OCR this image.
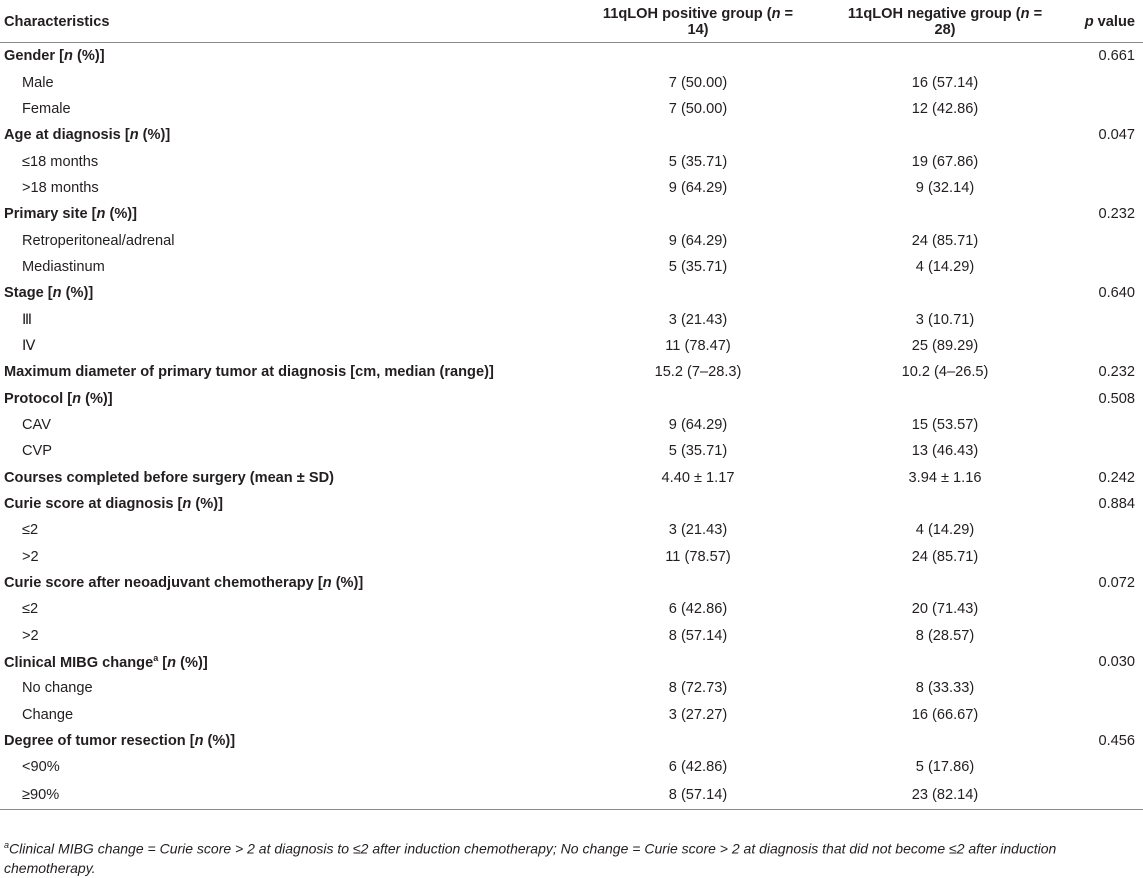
Characteristics	11qLOH positive group (n = 14)	11qLOH negative group (n = 28)	p value
Gender [n (%)]			0.661
Male	7 (50.00)	16 (57.14)	
Female	7 (50.00)	12 (42.86)	
Age at diagnosis [n (%)]			0.047
≤18 months	5 (35.71)	19 (67.86)	
>18 months	9 (64.29)	9 (32.14)	
Primary site [n (%)]			0.232
Retroperitoneal/adrenal	9 (64.29)	24 (85.71)	
Mediastinum	5 (35.71)	4 (14.29)	
Stage [n (%)]			0.640
Ⅲ	3 (21.43)	3 (10.71)	
Ⅳ	11 (78.47)	25 (89.29)	
Maximum diameter of primary tumor at diagnosis [cm, median (range)]	15.2 (7–28.3)	10.2 (4–26.5)	0.232
Protocol [n (%)]			0.508
CAV	9 (64.29)	15 (53.57)	
CVP	5 (35.71)	13 (46.43)	
Courses completed before surgery (mean ± SD)	4.40 ± 1.17	3.94 ± 1.16	0.242
Curie score at diagnosis [n (%)]			0.884
≤2	3 (21.43)	4 (14.29)	
>2	11 (78.57)	24 (85.71)	
Curie score after neoadjuvant chemotherapy [n (%)]			0.072
≤2	6 (42.86)	20 (71.43)	
>2	8 (57.14)	8 (28.57)	
Clinical MIBG change$^a$ [n (%)]			0.030
No change	8 (72.73)	8 (33.33)	
Change	3 (27.27)	16 (66.67)	
Degree of tumor resection [n (%)]			0.456
<90%	6 (42.86)	5 (17.86)	
≥90%	8 (57.14)	23 (82.14)	
$^a$Clinical MIBG change = Curie score > 2 at diagnosis to ≤2 after induction chemotherapy; No change = Curie score > 2 at diagnosis that did not become ≤2 after induction chemotherapy.
